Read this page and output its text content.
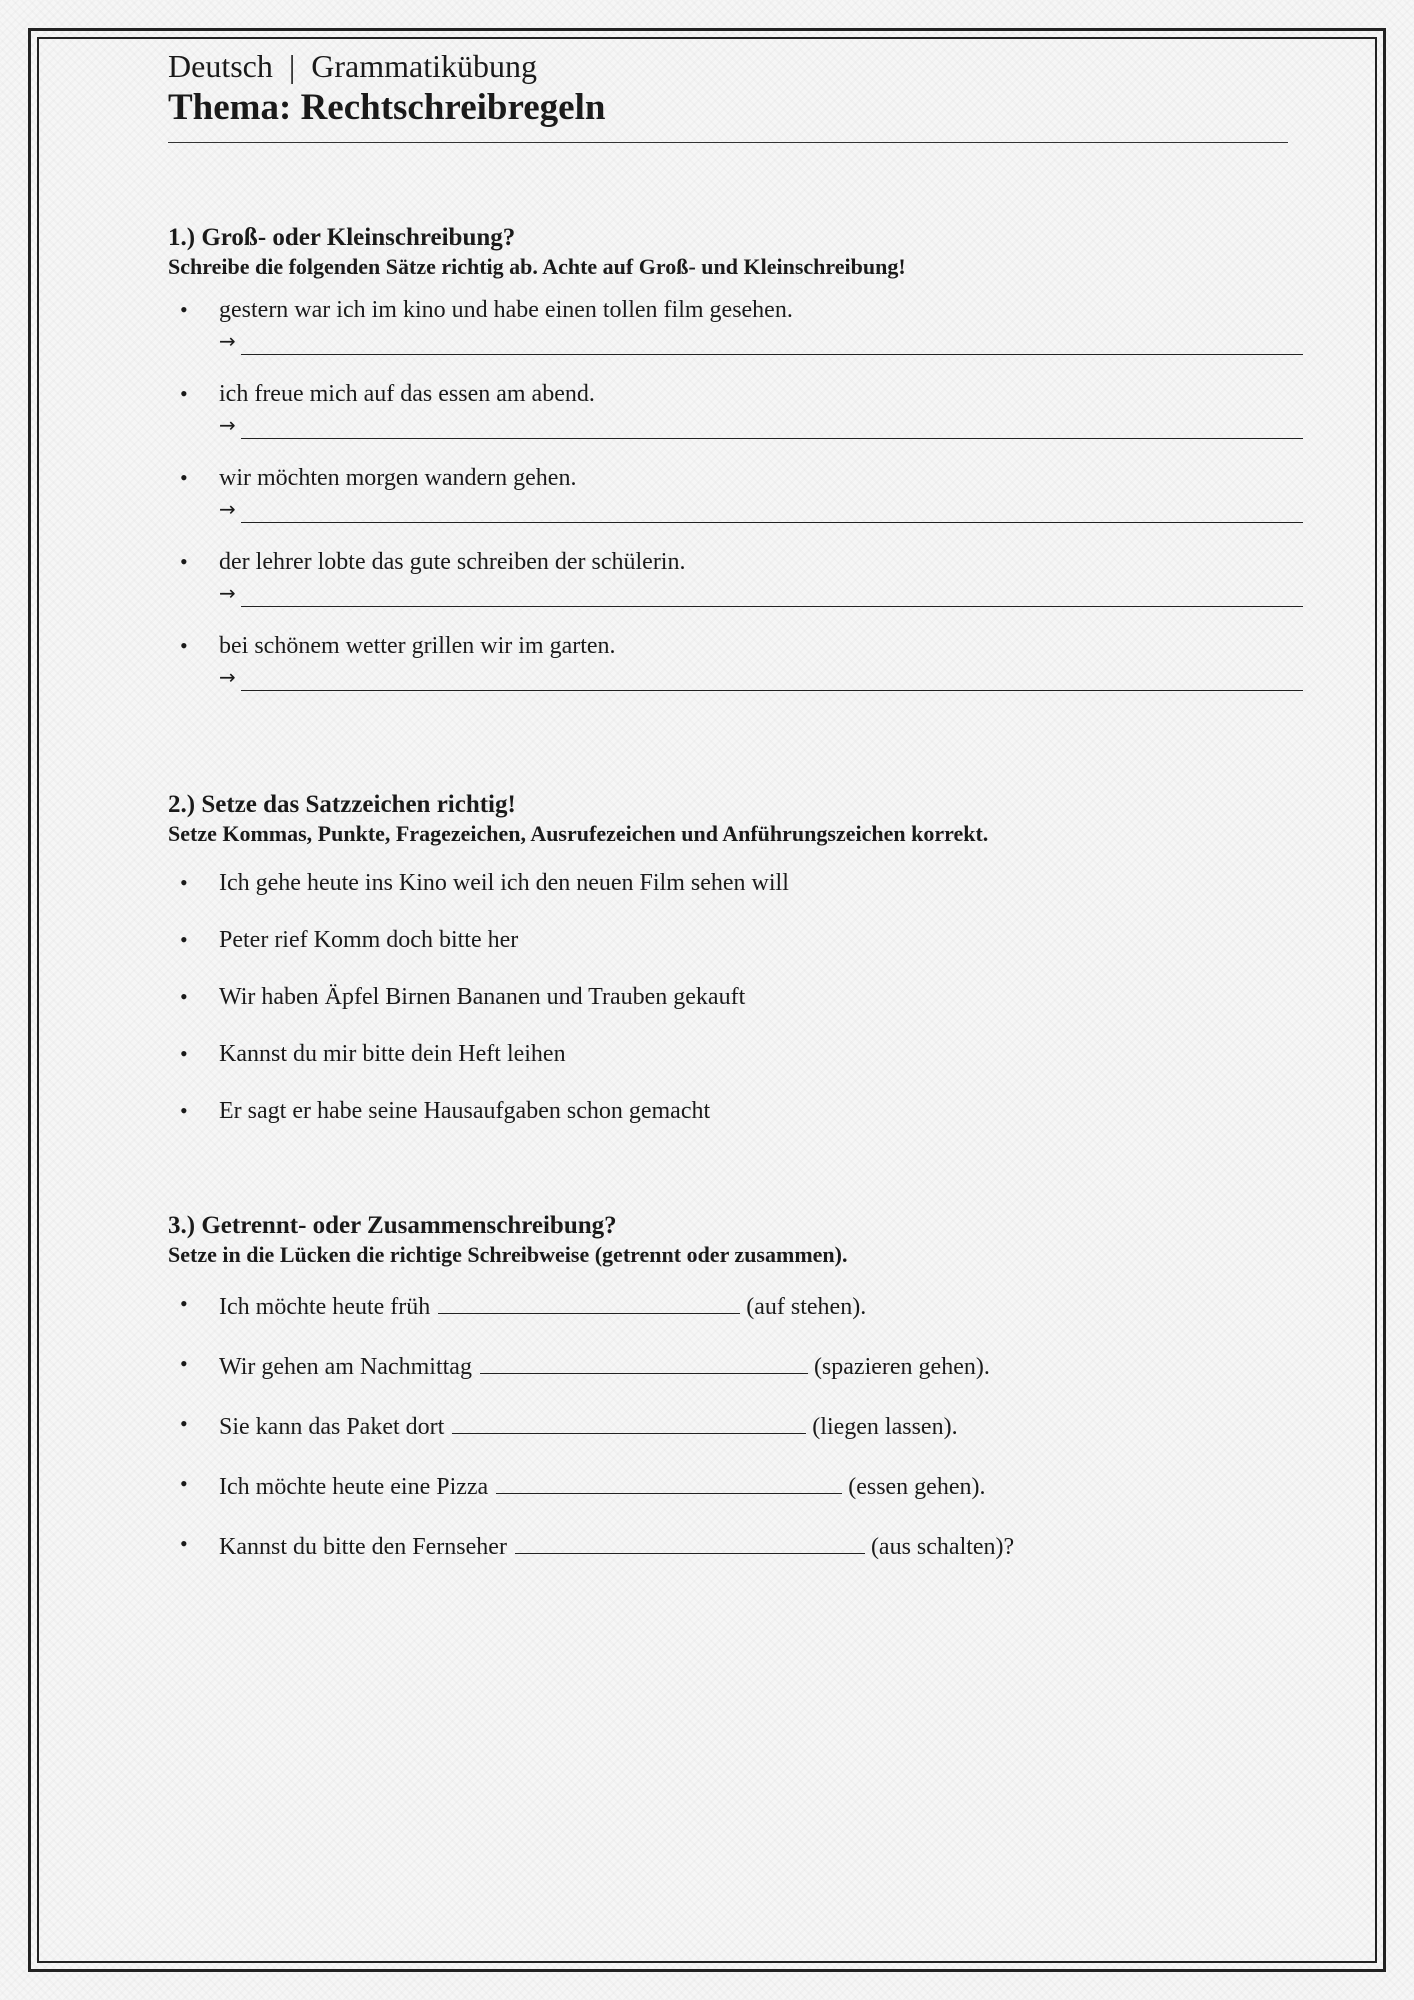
Deutsch  |  Grammatikübung

Thema: Rechtschreibregeln

1.) Groß- oder Kleinschreibung?

Schreibe die folgenden Sätze richtig ab. Achte auf Groß- und Kleinschreibung!

• gestern war ich im kino und habe einen tollen film gesehen.
→
• ich freue mich auf das essen am abend.
→
• wir möchten morgen wandern gehen.
→
• der lehrer lobte das gute schreiben der schülerin.
→
• bei schönem wetter grillen wir im garten.
→

2.) Setze das Satzzeichen richtig!

Setze Kommas, Punkte, Fragezeichen, Ausrufezeichen und Anführungszeichen korrekt.

• Ich gehe heute ins Kino weil ich den neuen Film sehen will
• Peter rief Komm doch bitte her
• Wir haben Äpfel Birnen Bananen und Trauben gekauft
• Kannst du mir bitte dein Heft leihen
• Er sagt er habe seine Hausaufgaben schon gemacht

3.) Getrennt- oder Zusammenschreibung?

Setze in die Lücken die richtige Schreibweise (getrennt oder zusammen).

• Ich möchte heute früh	(auf stehen).
• Wir gehen am Nachmittag	(spazieren gehen).
• Sie kann das Paket dort	(liegen lassen).
• Ich möchte heute eine Pizza	(essen gehen).
• Kannst du bitte den Fernseher	(aus schalten)?
